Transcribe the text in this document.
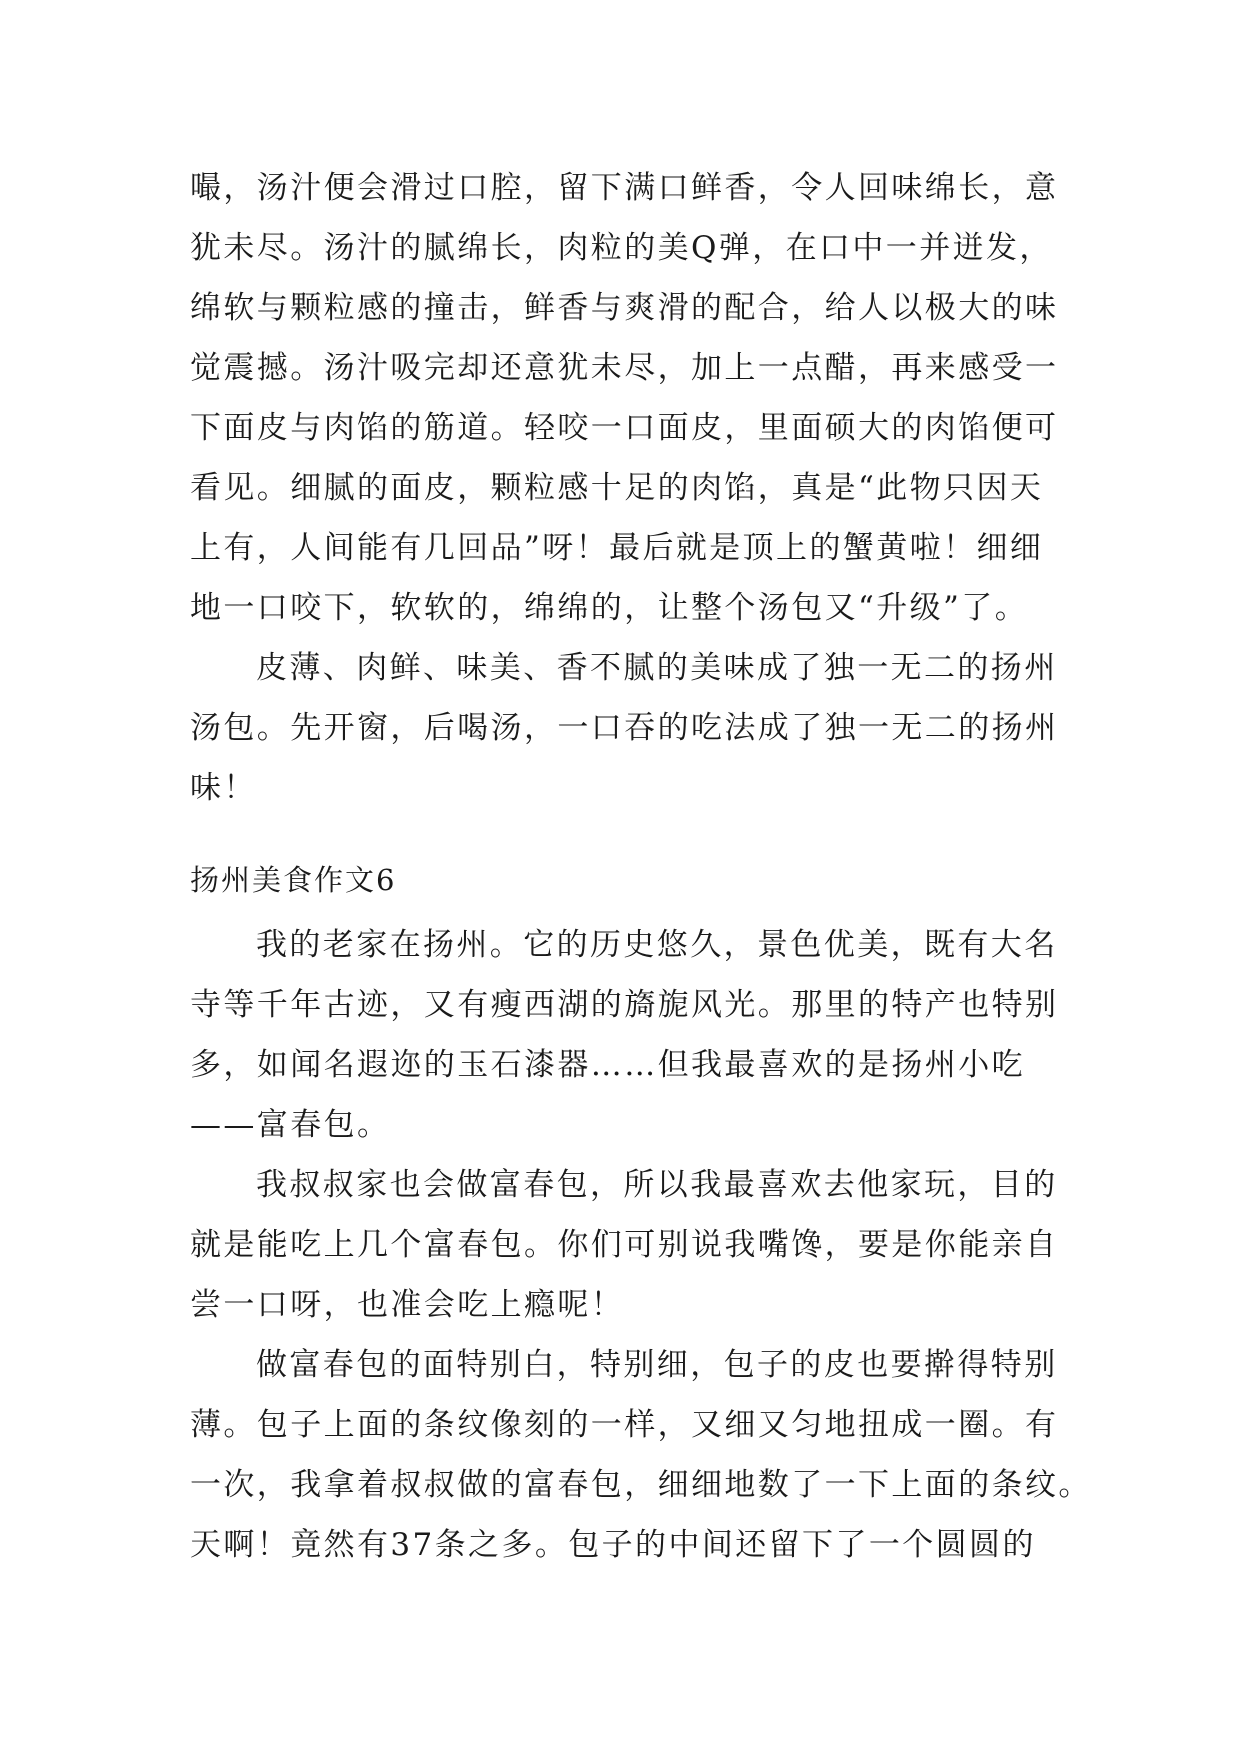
嘬，汤汁便会滑过口腔，留下满口鲜香，令人回味绵长，意
犹未尽。汤汁的腻绵长，肉粒的美Q弹，在口中一并迸发，
绵软与颗粒感的撞击，鲜香与爽滑的配合，给人以极大的味
觉震撼。汤汁吸完却还意犹未尽，加上一点醋，再来感受一
下面皮与肉馅的筋道。轻咬一口面皮，里面硕大的肉馅便可
看见。细腻的面皮，颗粒感十足的肉馅，真是“此物只因天
上有，人间能有几回品”呀！最后就是顶上的蟹黄啦！细细
地一口咬下，软软的，绵绵的，让整个汤包又“升级”了。
皮薄、肉鲜、味美、香不腻的美味成了独一无二的扬州
汤包。先开窗，后喝汤，一口吞的吃法成了独一无二的扬州
味！
扬州美食作文6
我的老家在扬州。它的历史悠久，景色优美，既有大名
寺等千年古迹，又有瘦西湖的旖旎风光。那里的特产也特别
多，如闻名遐迩的玉石漆器……但我最喜欢的是扬州小吃
——富春包。
我叔叔家也会做富春包，所以我最喜欢去他家玩，目的
就是能吃上几个富春包。你们可别说我嘴馋，要是你能亲自
尝一口呀，也准会吃上瘾呢！
做富春包的面特别白，特别细，包子的皮也要擀得特别
薄。包子上面的条纹像刻的一样，又细又匀地扭成一圈。有
一次，我拿着叔叔做的富春包，细细地数了一下上面的条纹。
天啊！竟然有37条之多。包子的中间还留下了一个圆圆的
